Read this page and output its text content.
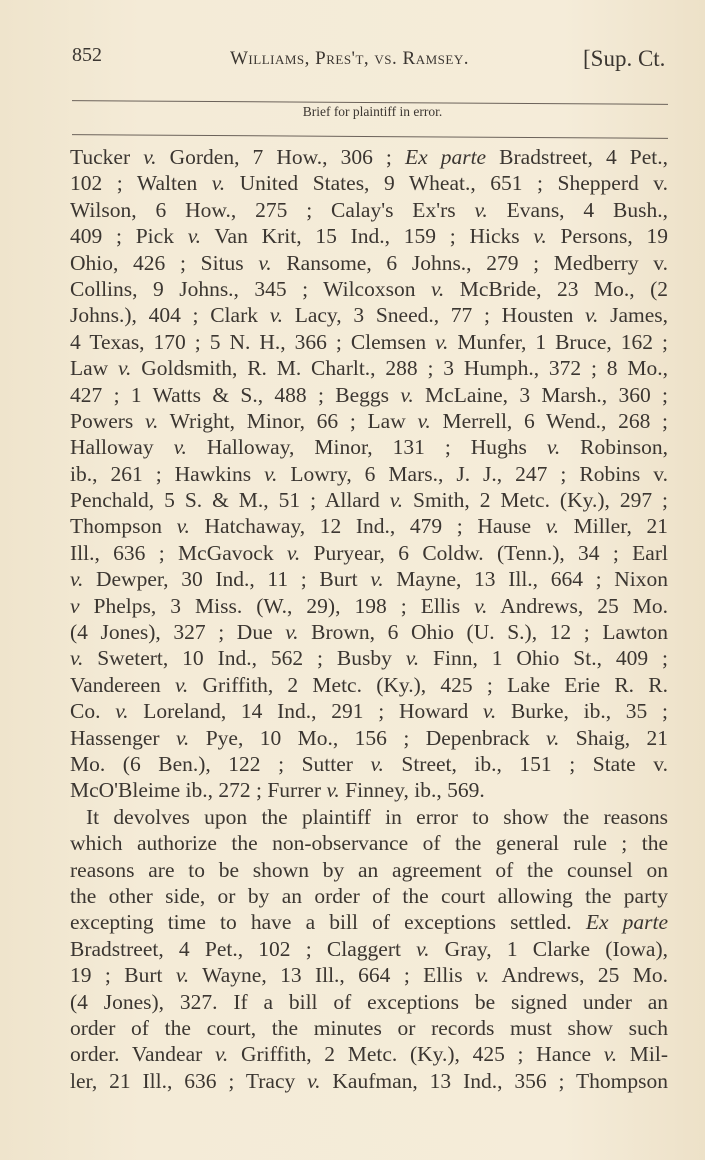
852	Williams, Pres't, vs. Ramsey.	[Sup. Ct.
Brief for plaintiff in error.
Tucker v. Gorden, 7 How., 306 ; Ex parte Bradstreet, 4 Pet.,
102 ; Walten v. United States, 9 Wheat., 651 ; Shepperd v.
Wilson, 6 How., 275 ; Calay's Ex'rs v. Evans, 4 Bush.,
409 ; Pick v. Van Krit, 15 Ind., 159 ; Hicks v. Persons, 19
Ohio, 426 ; Situs v. Ransome, 6 Johns., 279 ; Medberry v.
Collins, 9 Johns., 345 ; Wilcoxson v. McBride, 23 Mo., (2
Johns.), 404 ; Clark v. Lacy, 3 Sneed., 77 ; Housten v. James,
4 Texas, 170 ; 5 N. H., 366 ; Clemsen v. Munfer, 1 Bruce, 162 ;
Law v. Goldsmith, R. M. Charlt., 288 ; 3 Humph., 372 ; 8 Mo.,
427 ; 1 Watts & S., 488 ; Beggs v. McLaine, 3 Marsh., 360 ;
Powers v. Wright, Minor, 66 ; Law v. Merrell, 6 Wend., 268 ;
Halloway v. Halloway, Minor, 131 ; Hughs v. Robinson,
ib., 261 ; Hawkins v. Lowry, 6 Mars., J. J., 247 ; Robins v.
Penchald, 5 S. & M., 51 ; Allard v. Smith, 2 Metc. (Ky.), 297 ;
Thompson v. Hatchaway, 12 Ind., 479 ; Hause v. Miller, 21
Ill., 636 ; McGavock v. Puryear, 6 Coldw. (Tenn.), 34 ; Earl
v. Dewper, 30 Ind., 11 ; Burt v. Mayne, 13 Ill., 664 ; Nixon
v Phelps, 3 Miss. (W., 29), 198 ; Ellis v. Andrews, 25 Mo.
(4 Jones), 327 ; Due v. Brown, 6 Ohio (U. S.), 12 ; Lawton
v. Swetert, 10 Ind., 562 ; Busby v. Finn, 1 Ohio St., 409 ;
Vandereen v. Griffith, 2 Metc. (Ky.), 425 ; Lake Erie R. R.
Co. v. Loreland, 14 Ind., 291 ; Howard v. Burke, ib., 35 ;
Hassenger v. Pye, 10 Mo., 156 ; Depenbrack v. Shaig, 21
Mo. (6 Ben.), 122 ; Sutter v. Street, ib., 151 ; State v.
McO'Bleime ib., 272 ; Furrer v. Finney, ib., 569.
It devolves upon the plaintiff in error to show the reasons
which authorize the non-observance of the general rule ; the
reasons are to be shown by an agreement of the counsel on
the other side, or by an order of the court allowing the party
excepting time to have a bill of exceptions settled. Ex parte
Bradstreet, 4 Pet., 102 ; Claggert v. Gray, 1 Clarke (Iowa),
19 ; Burt v. Wayne, 13 Ill., 664 ; Ellis v. Andrews, 25 Mo.
(4 Jones), 327. If a bill of exceptions be signed under an
order of the court, the minutes or records must show such
order. Vandear v. Griffith, 2 Metc. (Ky.), 425 ; Hance v. Mil-
ler, 21 Ill., 636 ; Tracy v. Kaufman, 13 Ind., 356 ; Thompson
